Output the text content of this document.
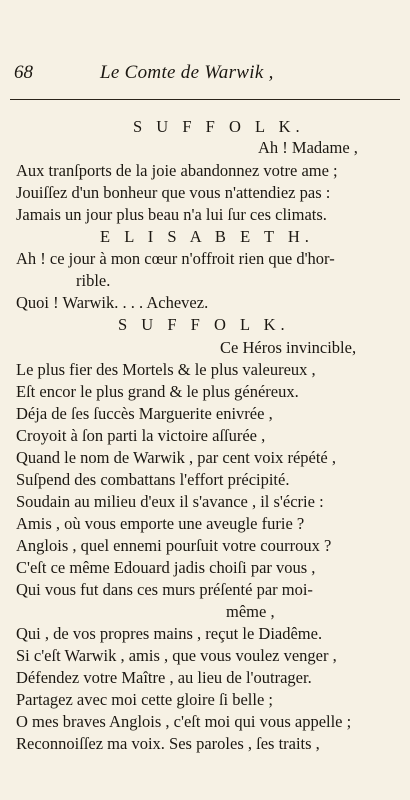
68	Le Comte de Warwik ,
S U F F O L K.
Ah ! Madame ,
Aux tranſports de la joie abandonnez votre ame ;
Jouiſſez d'un bonheur que vous n'attendiez pas :
Jamais un jour plus beau n'a lui ſur ces climats.
E L I S A B E T H.
Ah ! ce jour à mon cœur n'offroit rien que d'hor-
rible.
Quoi ! Warwik. . . . Achevez.
S U F F O L K.
Ce Héros invincible,
Le plus fier des Mortels & le plus valeureux ,
Eſt encor le plus grand & le plus généreux.
Déja de ſes ſuccès Marguerite enivrée ,
Croyoit à ſon parti la victoire aſſurée ,
Quand le nom de Warwik , par cent voix répété ,
Suſpend des combattans l'effort précipité.
Soudain au milieu d'eux il s'avance , il s'écrie :
Amis , où vous emporte une aveugle furie ?
Anglois , quel ennemi pourſuit votre courroux ?
C'eſt ce même Edouard jadis choiſi par vous ,
Qui vous fut dans ces murs préſenté par moi-
même ,
Qui , de vos propres mains , reçut le Diadême.
Si c'eſt Warwik , amis , que vous voulez venger ,
Défendez votre Maître , au lieu de l'outrager.
Partagez avec moi cette gloire ſi belle ;
O mes braves Anglois , c'eſt moi qui vous appelle ;
Reconnoiſſez ma voix. Ses paroles , ſes traits ,
